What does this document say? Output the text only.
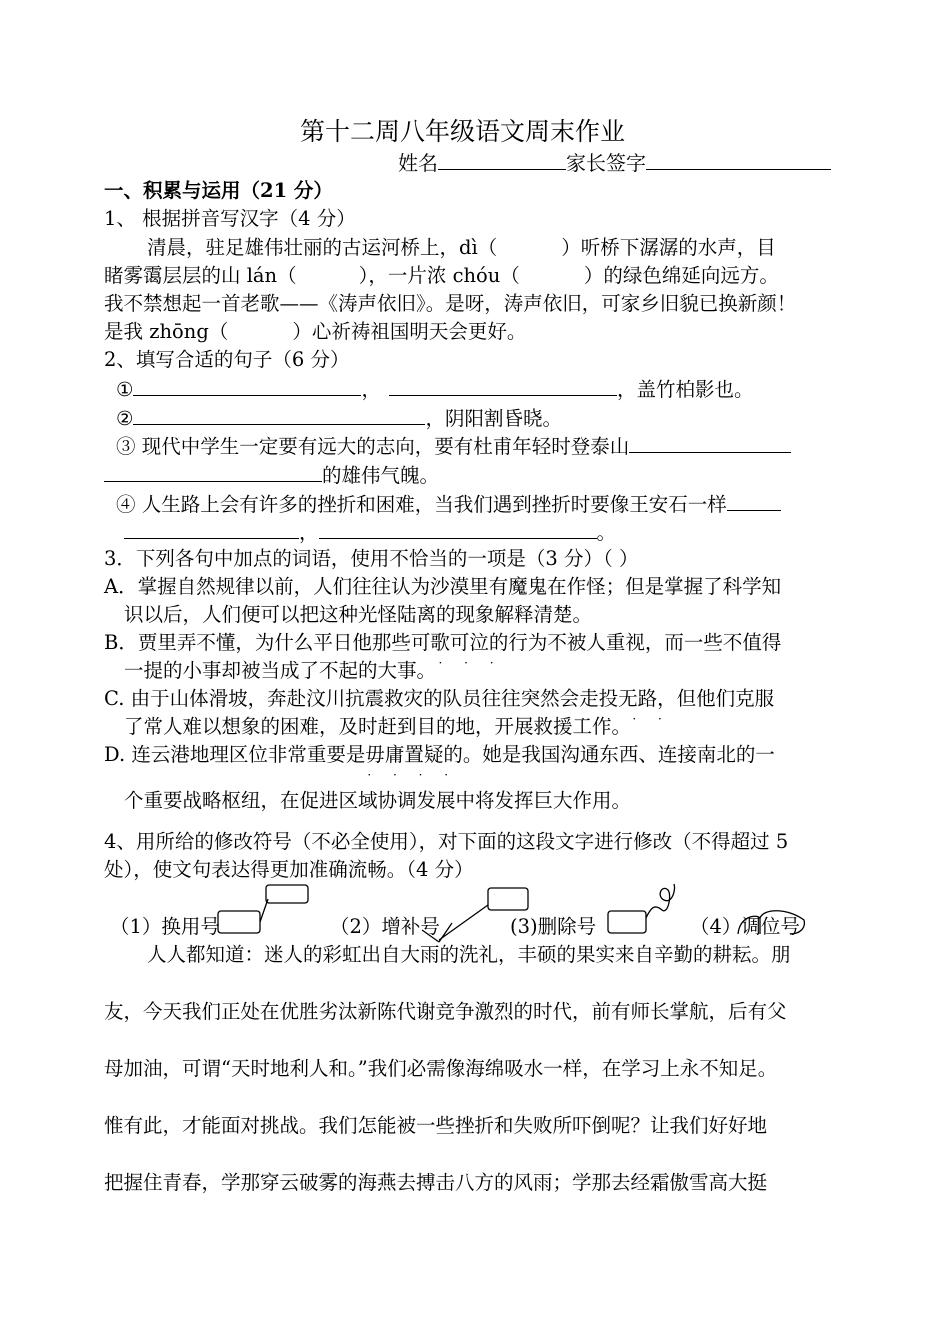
第十二周八年级语文周末作业
姓名	家长签字
一、积累与运用（21 分）
1、 根据拼音写汉字（4 分）
清晨，驻足雄伟壮丽的古运河桥上，dì（	）听桥下潺潺的水声，目
睹雾霭层层的山 lán（	），一片浓 chóu（	）的绿色绵延向远方。
我不禁想起一首老歌——《涛声依旧》。是呀，涛声依旧，可家乡旧貌已换新颜！
是我 zhōng（	）心祈祷祖国明天会更好。
2、填写合适的句子（6 分）
①	，	，盖竹柏影也。
②	，阴阳割昏晓。
③ 现代中学生一定要有远大的志向，要有杜甫年轻时登泰山
的雄伟气魄。
④ 人生路上会有许多的挫折和困难，当我们遇到挫折时要像王安石一样
，	。
3．下列各句中加点的词语，使用不恰当的一项是（3 分）（ ）
A．掌握自然规律以前，人们往往认为沙漠里有魔鬼在作怪；但是掌握了科学知
识以后，人们便可以把这种光怪陆离的现象解释清楚。
B．贾里弄不懂，为什么平日他那些可歌可泣 · · · ·的行为不被人重视，而一些不值得
一提的小事却被当成了不起的大事。
C. 由于山体滑坡，奔赴汶川抗震救灾的队员往往突然会走投无路 · · · ·，但他们克服
了常人难以想象的困难，及时赶到目的地，开展救援工作。
D. 连云港地理区位非常重要是毋庸置疑 · · · ·的。她是我国沟通东西、连接南北的一
个重要战略枢纽，在促进区域协调发展中将发挥巨大作用。
4、用所给的修改符号（不必全使用），对下面的这段文字进行修改（不得超过 5
处），使文句表达得更加准确流畅。（4 分）
（1）换用号	（2）增补号	(3)删除号	（4）调位号
人人都知道：迷人的彩虹出自大雨的洗礼，丰硕的果实来自辛勤的耕耘。朋
友，今天我们正处在优胜劣汰新陈代谢竞争激烈的时代，前有师长掌航，后有父
母加油，可谓“天时地利人和。”我们必需像海绵吸水一样，在学习上永不知足。
惟有此，才能面对挑战。我们怎能被一些挫折和失败所吓倒呢？让我们好好地
把握住青春，学那穿云破雾的海燕去搏击八方的风雨；学那去经霜傲雪高大挺
